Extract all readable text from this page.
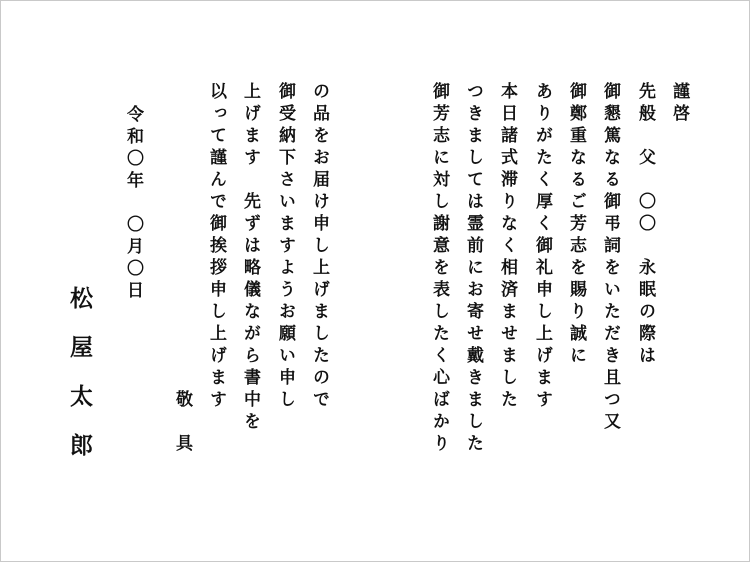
謹啓
先般　父　〇〇　永眠の際は
御懇篤なる御弔詞をいただき且つ又
御鄭重なるご芳志を賜り誠に
ありがたく厚く御礼申し上げます
本日諸式滞りなく相済ませました
つきましては霊前にお寄せ戴きました
御芳志に対し謝意を表したく心ばかり
の品をお届け申し上げましたので
御受納下さいますようお願い申し
上げます　先ずは略儀ながら書中を
以って謹んで御挨拶申し上げます
敬　具
令和〇年　〇月〇日
松屋太郎
